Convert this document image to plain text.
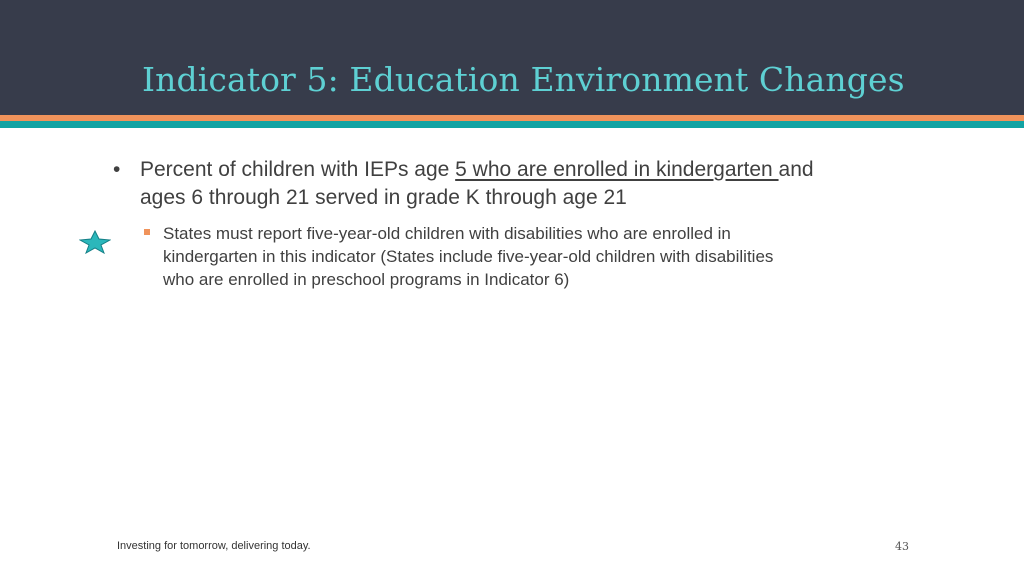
Indicator 5: Education Environment Changes
• Percent of children with IEPs age 5 who are enrolled in kindergarten and
ages 6 through 21 served in grade K through age 21
States must report five-year-old children with disabilities who are enrolled in
kindergarten in this indicator (States include five-year-old children with disabilities
who are enrolled in preschool programs in Indicator 6)
Investing for tomorrow, delivering today.	43
